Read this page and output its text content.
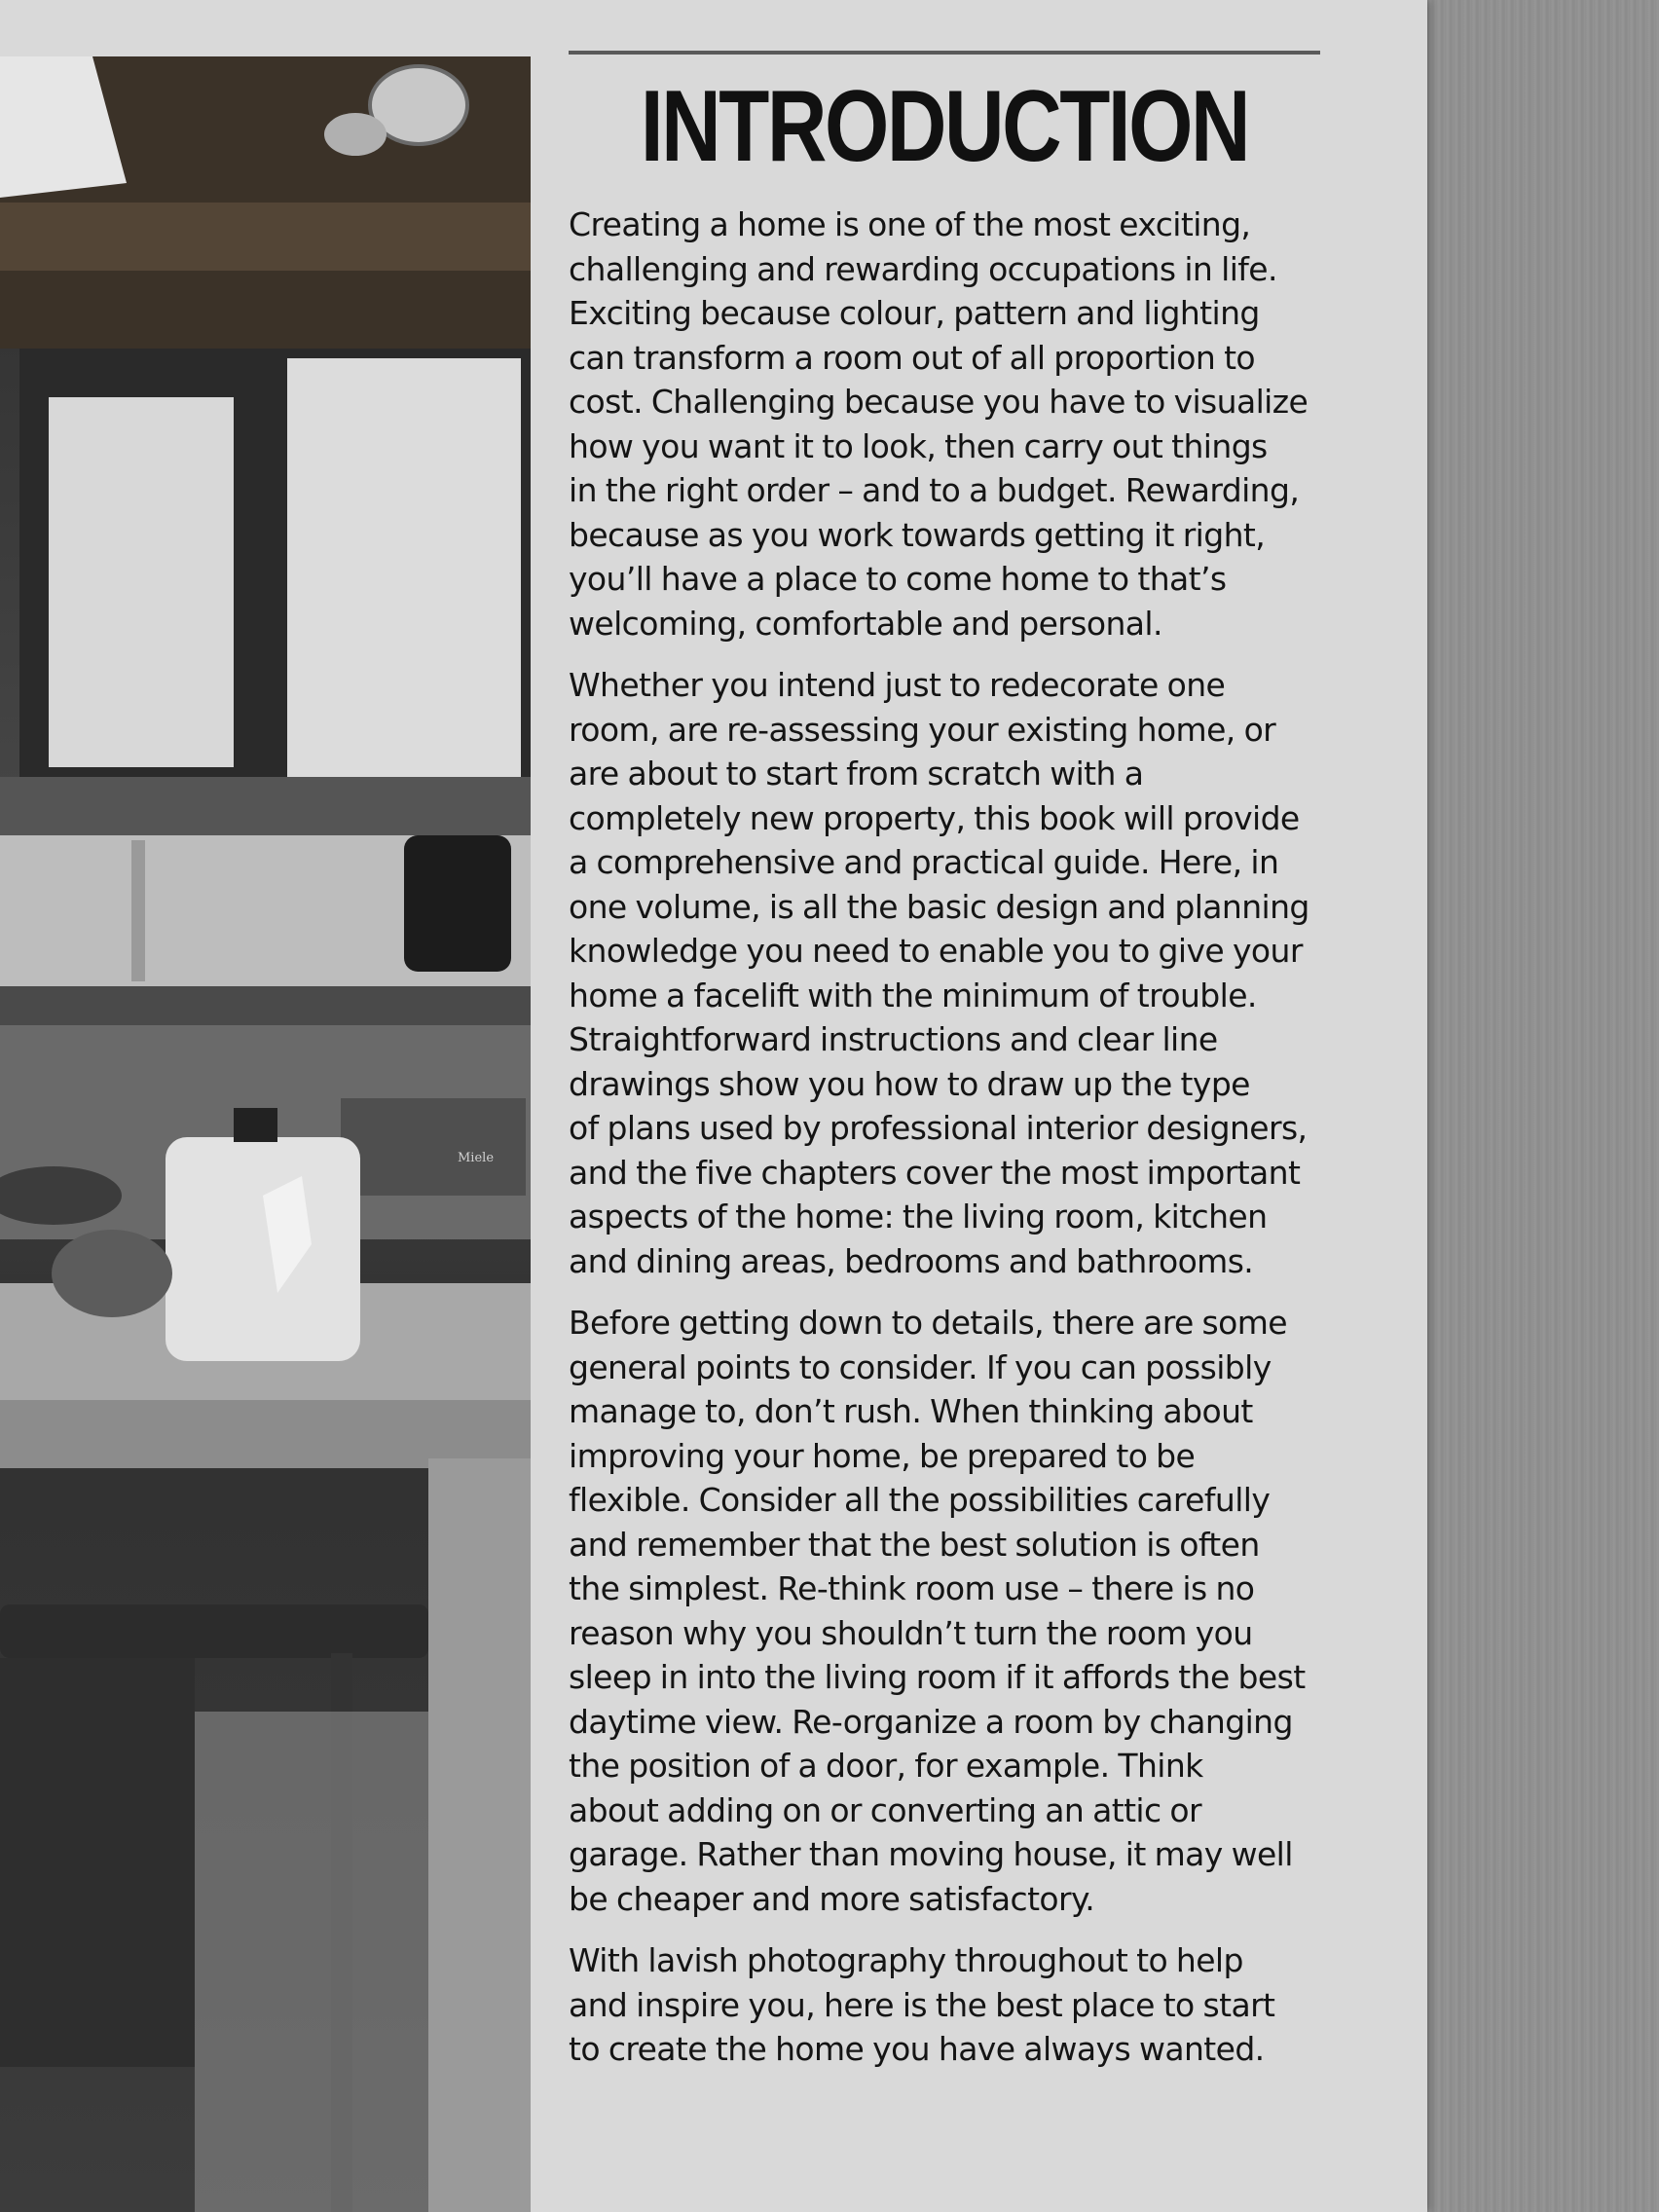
Miele
INTRODUCTION

Creating a home is one of the most exciting,
challenging and rewarding occupations in life.
Exciting because colour, pattern and lighting
can transform a room out of all proportion to
cost. Challenging because you have to visualize
how you want it to look, then carry out things
in the right order – and to a budget. Rewarding,
because as you work towards getting it right,
you’ll have a place to come home to that’s
welcoming, comfortable and personal.

Whether you intend just to redecorate one
room, are re-assessing your existing home, or
are about to start from scratch with a
completely new property, this book will provide
a comprehensive and practical guide. Here, in
one volume, is all the basic design and planning
knowledge you need to enable you to give your
home a facelift with the minimum of trouble.
Straightforward instructions and clear line
drawings show you how to draw up the type
of plans used by professional interior designers,
and the five chapters cover the most important
aspects of the home: the living room, kitchen
and dining areas, bedrooms and bathrooms.

Before getting down to details, there are some
general points to consider. If you can possibly
manage to, don’t rush. When thinking about
improving your home, be prepared to be
flexible. Consider all the possibilities carefully
and remember that the best solution is often
the simplest. Re-think room use – there is no
reason why you shouldn’t turn the room you
sleep in into the living room if it affords the best
daytime view. Re-organize a room by changing
the position of a door, for example. Think
about adding on or converting an attic or
garage. Rather than moving house, it may well
be cheaper and more satisfactory.

With lavish photography throughout to help
and inspire you, here is the best place to start
to create the home you have always wanted.
